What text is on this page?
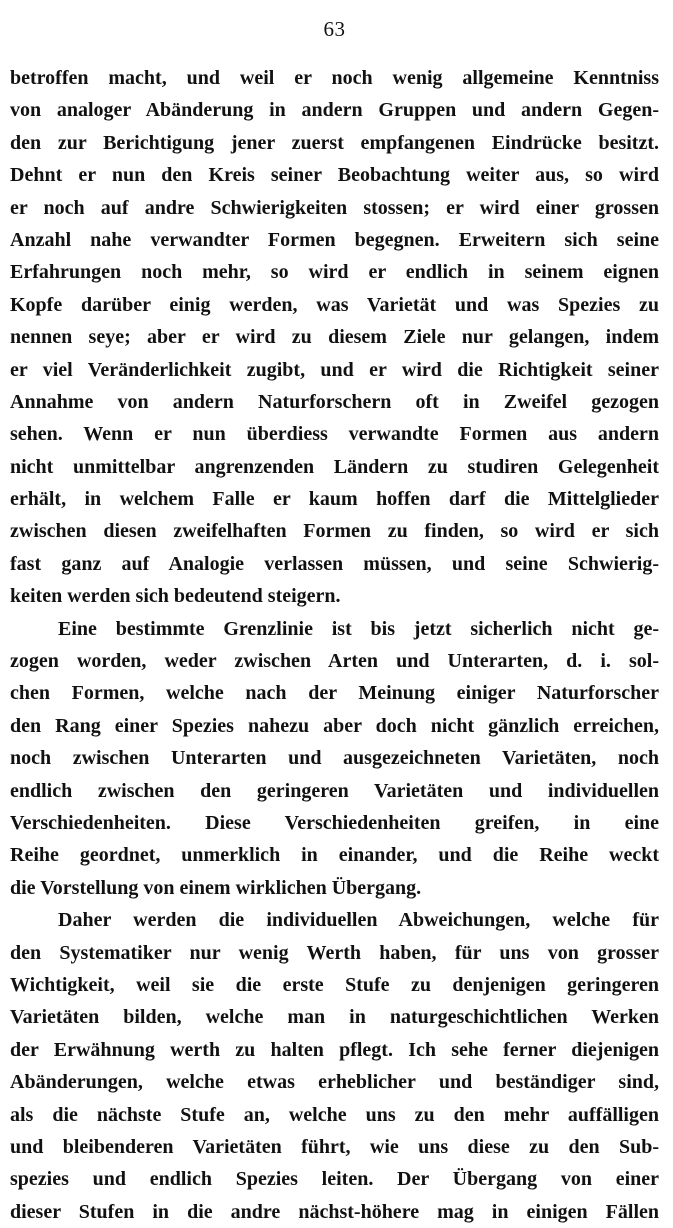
63
betroffen macht, und weil er noch wenig allgemeine Kenntniss
von analoger Abänderung in andern Gruppen und andern Gegen-
den zur Berichtigung jener zuerst empfangenen Eindrücke besitzt.
Dehnt er nun den Kreis seiner Beobachtung weiter aus, so wird
er noch auf andre Schwierigkeiten stossen; er wird einer grossen
Anzahl nahe verwandter Formen begegnen. Erweitern sich seine
Erfahrungen noch mehr, so wird er endlich in seinem eignen
Kopfe darüber einig werden, was Varietät und was Spezies zu
nennen seye; aber er wird zu diesem Ziele nur gelangen, indem
er viel Veränderlichkeit zugibt, und er wird die Richtigkeit seiner
Annahme von andern Naturforschern oft in Zweifel gezogen
sehen. Wenn er nun überdiess verwandte Formen aus andern
nicht unmittelbar angrenzenden Ländern zu studiren Gelegenheit
erhält, in welchem Falle er kaum hoffen darf die Mittelglieder
zwischen diesen zweifelhaften Formen zu finden, so wird er sich
fast ganz auf Analogie verlassen müssen, und seine Schwierig-
keiten werden sich bedeutend steigern.
Eine bestimmte Grenzlinie ist bis jetzt sicherlich nicht ge-
zogen worden, weder zwischen Arten und Unterarten, d. i. sol-
chen Formen, welche nach der Meinung einiger Naturforscher
den Rang einer Spezies nahezu aber doch nicht gänzlich erreichen,
noch zwischen Unterarten und ausgezeichneten Varietäten, noch
endlich zwischen den geringeren Varietäten und individuellen
Verschiedenheiten. Diese Verschiedenheiten greifen, in eine
Reihe geordnet, unmerklich in einander, und die Reihe weckt
die Vorstellung von einem wirklichen Übergang.
Daher werden die individuellen Abweichungen, welche für
den Systematiker nur wenig Werth haben, für uns von grosser
Wichtigkeit, weil sie die erste Stufe zu denjenigen geringeren
Varietäten bilden, welche man in naturgeschichtlichen Werken
der Erwähnung werth zu halten pflegt. Ich sehe ferner diejenigen
Abänderungen, welche etwas erheblicher und beständiger sind,
als die nächste Stufe an, welche uns zu den mehr auffälligen
und bleibenderen Varietäten führt, wie uns diese zu den Sub-
spezies und endlich Spezies leiten. Der Übergang von einer
dieser Stufen in die andre nächst-höhere mag in einigen Fällen
